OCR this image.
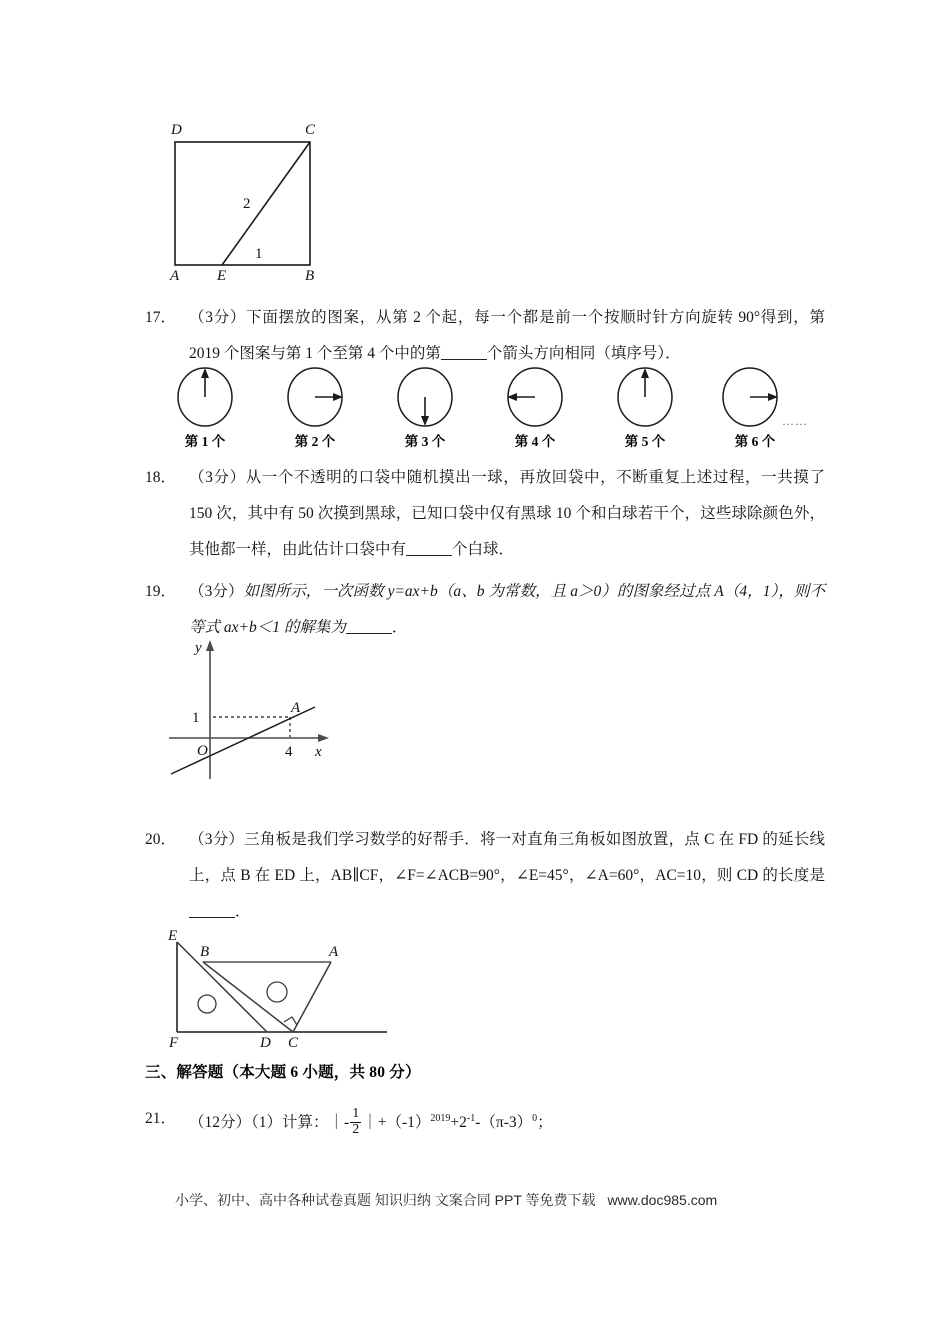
D	C
A	E	B
2
1
17． （3分）下面摆放的图案，从第 2 个起，每一个都是前一个按顺时针方向旋转 90°得到，第 2019 个图案与第 1 个至第 4 个中的第	个箭头方向相同（填序号）．
第 1 个	第 2 个	第 3 个	第 4 个	第 5 个
……
第 6 个
18． （3分）从一个不透明的口袋中随机摸出一球，再放回袋中，不断重复上述过程，一共摸了 150 次，其中有 50 次摸到黑球，已知口袋中仅有黑球 10 个和白球若干个，这些球除颜色外，其他都一样，由此估计口袋中有	个白球．
19． （3分）如图所示，一次函数 y=ax+b（a、b 为常数，且 a＞0）的图象经过点 A（4，1），则不等式 ax+b＜1 的解集为	．
y
x
O
A
1
4
20． （3分）三角板是我们学习数学的好帮手．将一对直角三角板如图放置，点 C 在 FD 的延长线上，点 B 在 ED 上，AB∥CF，∠F=∠ACB=90°，∠E=45°，∠A=60°，AC=10，则 CD 的长度是．
E
B	A
F	D C
三、解答题（本大题 6 小题，共 80 分）
21． （12分）（1）计算：｜- $\frac{1}{2}$ $|+(-1)^{2019}+2^{-1}-(\pi-3)^0$；
小学、初中、高中各种试卷真题 知识归纳 文案合同 PPT 等免费下载 www.doc985.com
